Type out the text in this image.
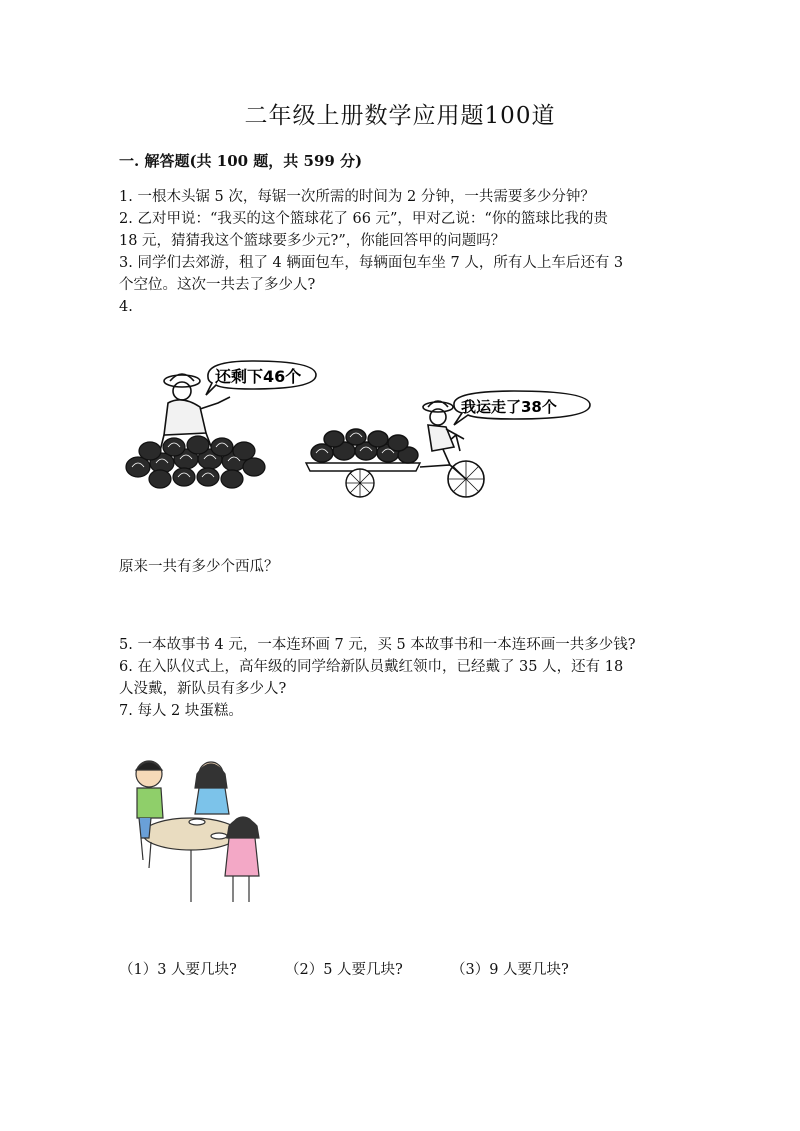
二年级上册数学应用题100道
一. 解答题(共 100 题，共 599 分)
1. 一根木头锯 5 次，每锯一次所需的时间为 2 分钟，一共需要多少分钟？
2. 乙对甲说：“我买的这个篮球花了 66 元”，甲对乙说：“你的篮球比我的贵
18 元，猜猜我这个篮球要多少元?”，你能回答甲的问题吗？
3. 同学们去郊游，租了 4 辆面包车，每辆面包车坐 7 人，所有人上车后还有 3
个空位。这次一共去了多少人?
4.
还剩下46个
我运走了38个
原来一共有多少个西瓜？
5. 一本故事书 4 元，一本连环画 7 元，买 5 本故事书和一本连环画一共多少钱?
6. 在入队仪式上，高年级的同学给新队员戴红领巾，已经戴了 35 人，还有 18
人没戴，新队员有多少人?
7. 每人 2 块蛋糕。
（1）3 人要几块?	（2）5 人要几块?	（3）9 人要几块?
